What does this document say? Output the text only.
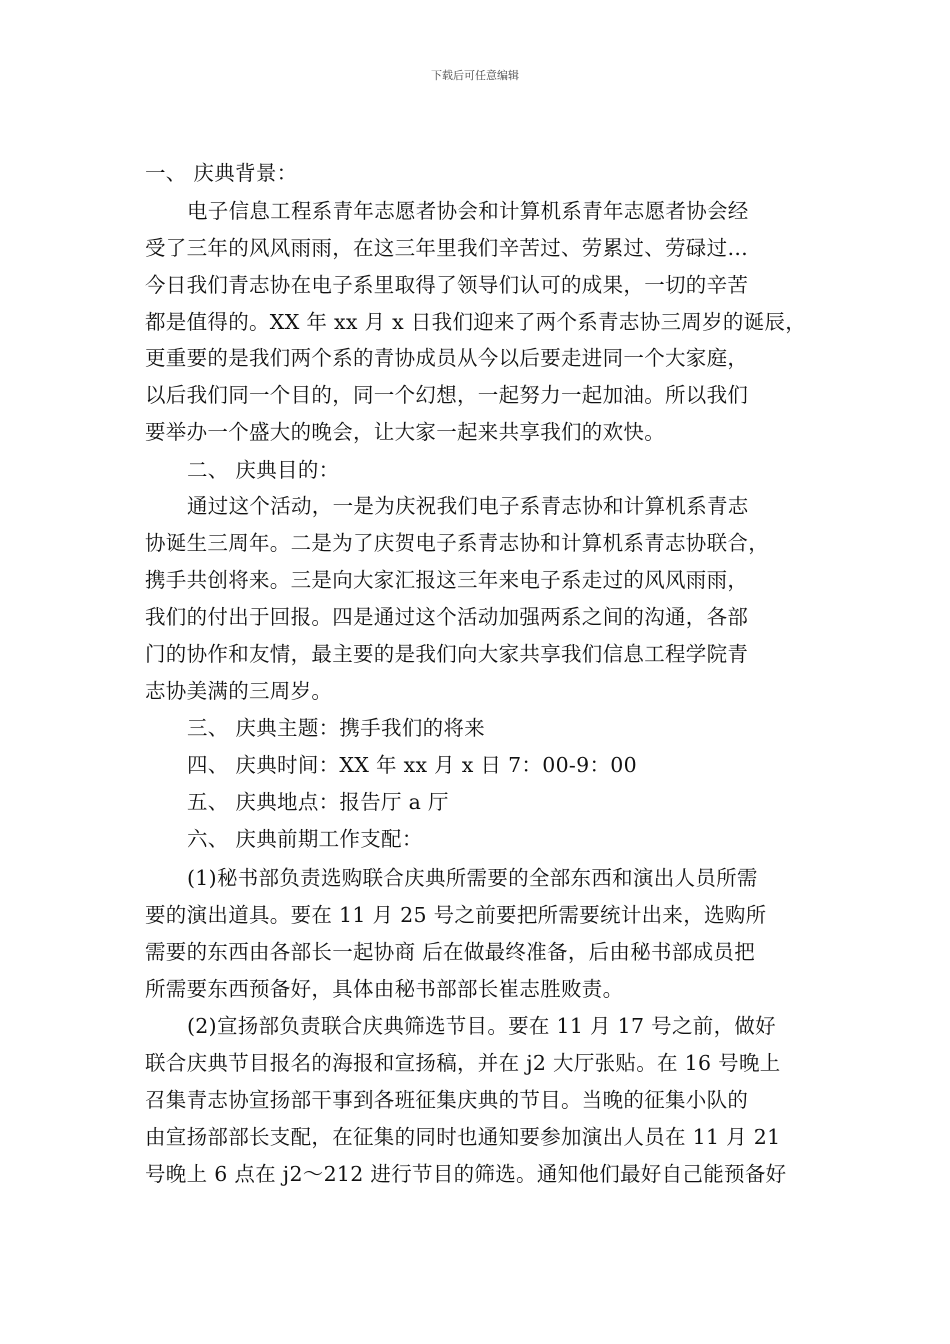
下载后可任意编辑

一、 庆典背景：

电子信息工程系青年志愿者协会和计算机系青年志愿者协会经

受了三年的风风雨雨，在这三年里我们辛苦过、劳累过、劳碌过…

今日我们青志协在电子系里取得了领导们认可的成果，一切的辛苦

都是值得的。XX 年 xx 月 x 日我们迎来了两个系青志协三周岁的诞辰，

更重要的是我们两个系的青协成员从今以后要走进同一个大家庭，

以后我们同一个目的，同一个幻想，一起努力一起加油。所以我们

要举办一个盛大的晚会，让大家一起来共享我们的欢快。

二、 庆典目的：

通过这个活动，一是为庆祝我们电子系青志协和计算机系青志

协诞生三周年。二是为了庆贺电子系青志协和计算机系青志协联合，

携手共创将来。三是向大家汇报这三年来电子系走过的风风雨雨，

我们的付出于回报。四是通过这个活动加强两系之间的沟通，各部

门的协作和友情，最主要的是我们向大家共享我们信息工程学院青

志协美满的三周岁。

三、 庆典主题：携手我们的将来

四、 庆典时间：XX 年 xx 月 x 日 7：00-9：00

五、 庆典地点：报告厅 a 厅

六、 庆典前期工作支配：

(1)秘书部负责选购联合庆典所需要的全部东西和演出人员所需

要的演出道具。要在 11 月 25 号之前要把所需要统计出来，选购所

需要的东西由各部长一起协商 后在做最终准备，后由秘书部成员把

所需要东西预备好，具体由秘书部部长崔志胜败责。

(2)宣扬部负责联合庆典筛选节目。要在 11 月 17 号之前，做好

联合庆典节目报名的海报和宣扬稿，并在 j2 大厅张贴。在 16 号晚上

召集青志协宣扬部干事到各班征集庆典的节目。当晚的征集小队的

由宣扬部部长支配，在征集的同时也通知要参加演出人员在 11 月 21

号晚上 6 点在 j2～212 进行节目的筛选。通知他们最好自己能预备好
